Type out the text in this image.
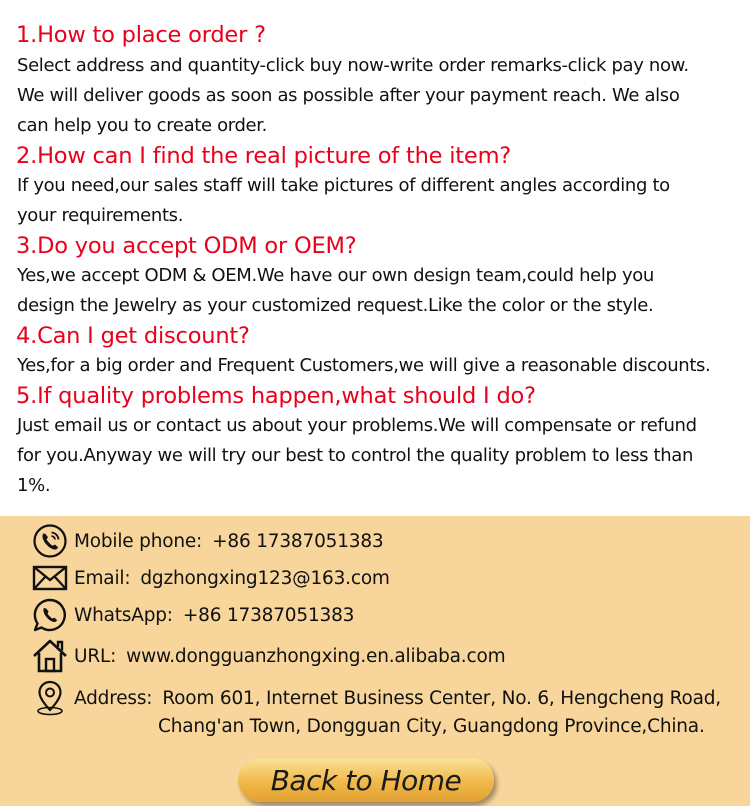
1.How to place order ?

Select address and quantity-click buy now-write order remarks-click pay now.

We will deliver goods as soon as possible after your payment reach. We also

can help you to create order.

2.How can I find the real picture of the item?

If you need,our sales staff will take pictures of different angles according to

your requirements.

3.Do you accept ODM or OEM?

Yes,we accept ODM & OEM.We have our own design team,could help you

design the Jewelry as your customized request.Like the color or the style.

4.Can I get discount?

Yes,for a big order and Frequent Customers,we will give a reasonable discounts.

5.If quality problems happen,what should I do?

Just email us or contact us about your problems.We will compensate or refund

for you.Anyway we will try our best to control the quality problem to less than

1%.

Mobile phone: +86 17387051383
Email: dgzhongxing123@163.com
WhatsApp: +86 17387051383
URL: www.dongguanzhongxing.en.alibaba.com
Address: Room 601, Internet Business Center, No. 6, Hengcheng Road,
Chang'an Town, Dongguan City, Guangdong Province,China.
Back to Home
